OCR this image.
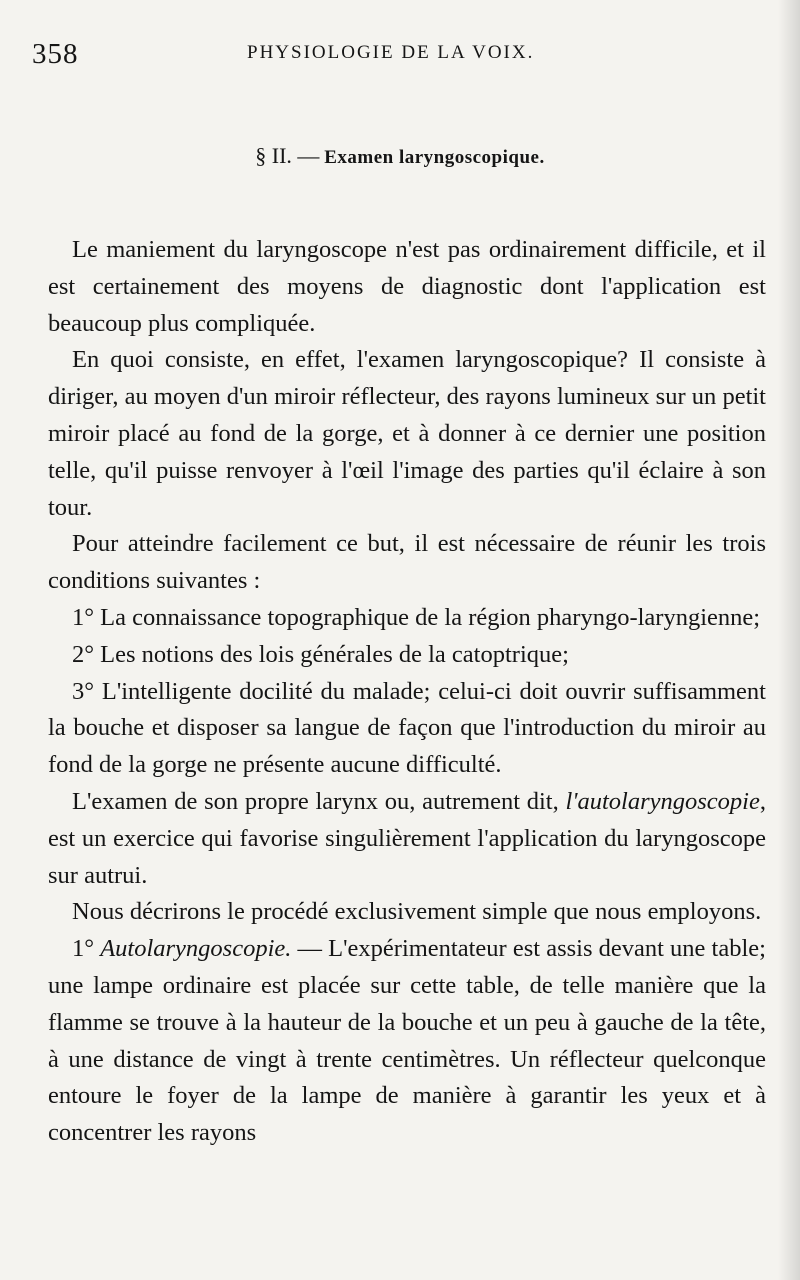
358	PHYSIOLOGIE DE LA VOIX.
§ II. — Examen laryngoscopique.

Le maniement du laryngoscope n'est pas ordinairement difficile, et il est certainement des moyens de diagnostic dont l'application est beaucoup plus compliquée.

En quoi consiste, en effet, l'examen laryngoscopique? Il consiste à diriger, au moyen d'un miroir réflecteur, des rayons lumineux sur un petit miroir placé au fond de la gorge, et à donner à ce dernier une position telle, qu'il puisse renvoyer à l'œil l'image des parties qu'il éclaire à son tour.

Pour atteindre facilement ce but, il est nécessaire de réunir les trois conditions suivantes :

1° La connaissance topographique de la région pharyngo-laryngienne;

2° Les notions des lois générales de la catoptrique;

3° L'intelligente docilité du malade; celui-ci doit ouvrir suffisamment la bouche et disposer sa langue de façon que l'introduction du miroir au fond de la gorge ne présente aucune difficulté.

L'examen de son propre larynx ou, autrement dit, l'autolaryngoscopie, est un exercice qui favorise singulièrement l'application du laryngoscope sur autrui.

Nous décrirons le procédé exclusivement simple que nous employons.

1° Autolaryngoscopie. — L'expérimentateur est assis devant une table; une lampe ordinaire est placée sur cette table, de telle manière que la flamme se trouve à la hauteur de la bouche et un peu à gauche de la tête, à une distance de vingt à trente centimètres. Un réflecteur quelconque entoure le foyer de la lampe de manière à garantir les yeux et à concentrer les rayons
